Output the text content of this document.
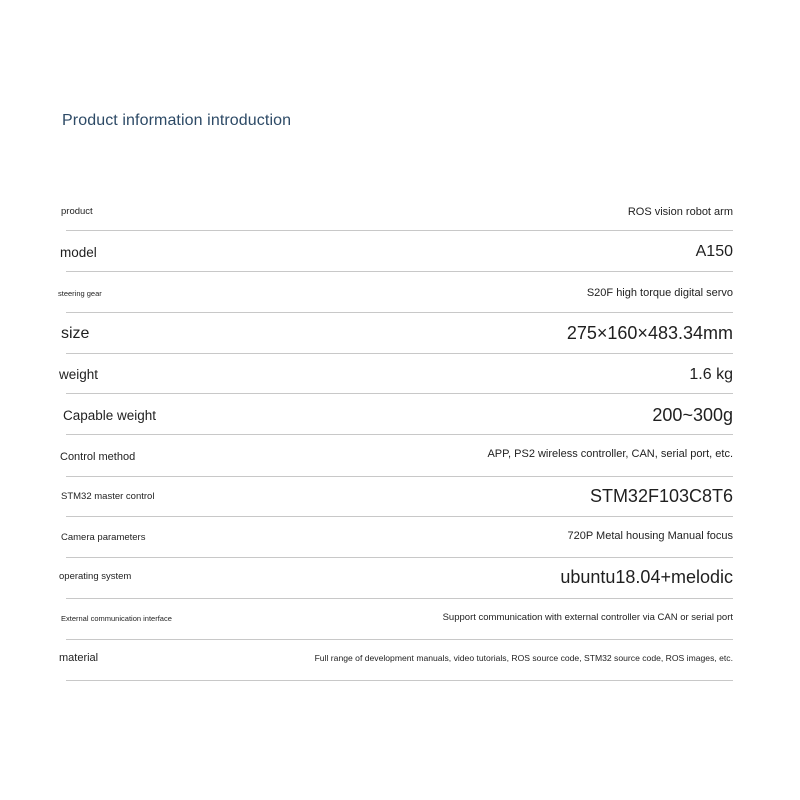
Product information introduction
product	ROS vision robot arm
model	A150
steering gear	S20F high torque digital servo
size	275×160×483.34mm
weight	1.6 kg
Capable weight	200~300g
Control method	APP, PS2 wireless controller, CAN, serial port, etc.
STM32 master control	STM32F103C8T6
Camera parameters	720P Metal housing Manual focus
operating system	ubuntu18.04+melodic
External communication interface	Support communication with external controller via CAN or serial port
material	Full range of development manuals, video tutorials, ROS source code, STM32 source code, ROS images, etc.
